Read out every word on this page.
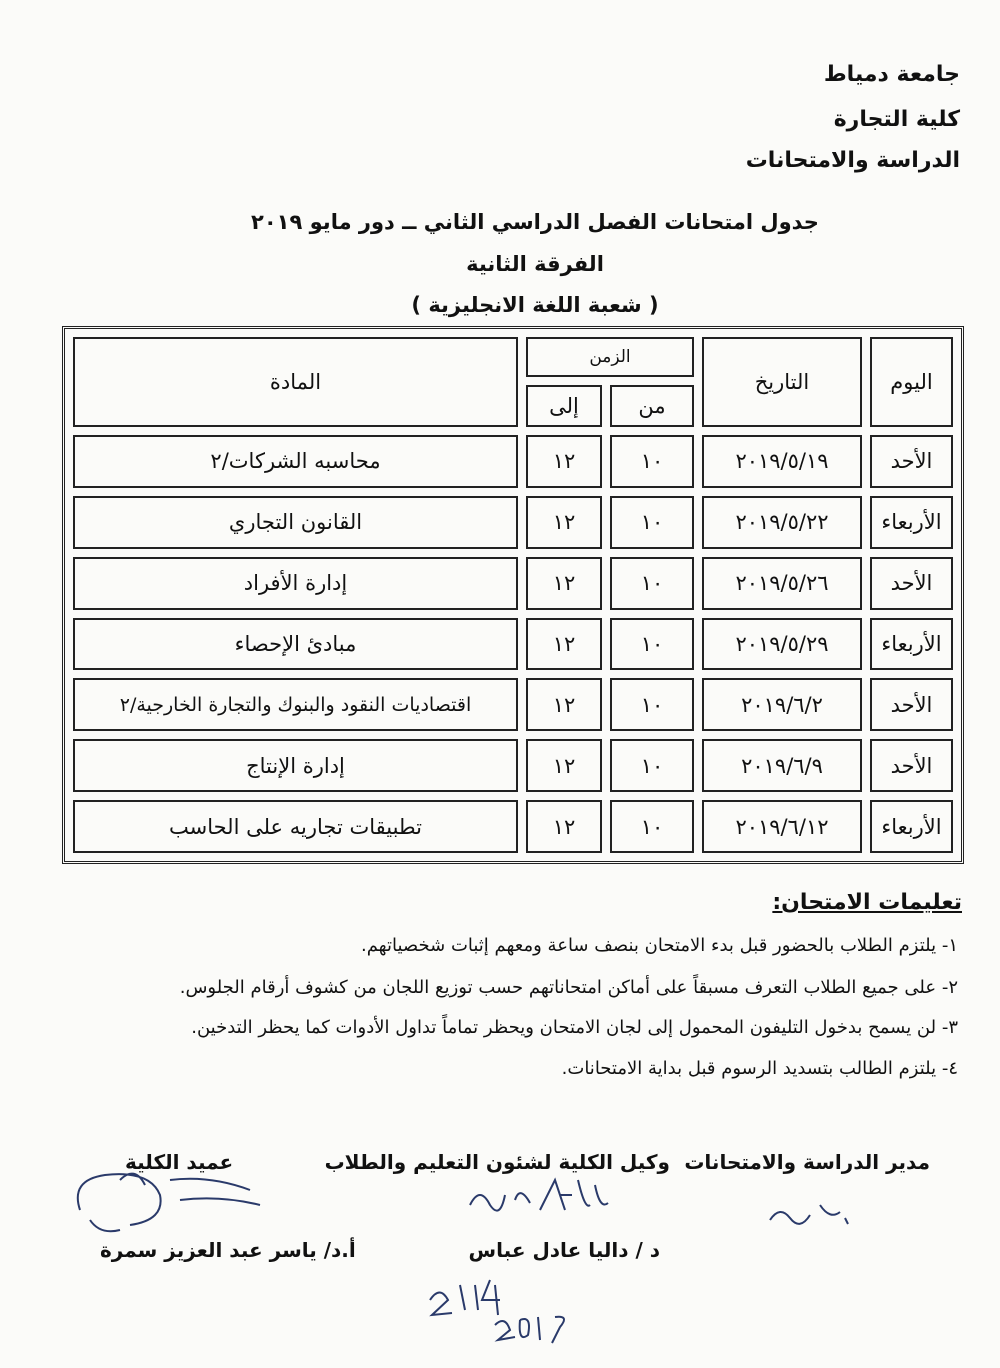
جامعة دمياط
كلية التجارة
الدراسة والامتحانات
جدول امتحانات الفصل الدراسي الثاني ــ دور مايو ٢٠١٩
الفرقة الثانية
( شعبة اللغة الانجليزية )
اليوم	التاريخ	الزمن		المادة
		من	إلى	
الأحد	٢٠١٩/٥/١٩	١٠	١٢	محاسبه الشركات/٢
الأربعاء	٢٠١٩/٥/٢٢	١٠	١٢	القانون التجاري
الأحد	٢٠١٩/٥/٢٦	١٠	١٢	إدارة الأفراد
الأربعاء	٢٠١٩/٥/٢٩	١٠	١٢	مبادئ الإحصاء
الأحد	٢٠١٩/٦/٢	١٠	١٢	اقتصاديات النقود والبنوك والتجارة الخارجية/٢
الأحد	٢٠١٩/٦/٩	١٠	١٢	إدارة الإنتاج
الأربعاء	٢٠١٩/٦/١٢	١٠	١٢	تطبيقات تجاريه على الحاسب
تعليمات الامتحان:
١- يلتزم الطلاب بالحضور قبل بدء الامتحان بنصف ساعة ومعهم إثبات شخصياتهم.
٢- على جميع الطلاب التعرف مسبقاً على أماكن امتحاناتهم حسب توزيع اللجان من كشوف أرقام الجلوس.
٣- لن يسمح بدخول التليفون المحمول إلى لجان الامتحان ويحظر تماماً تداول الأدوات كما يحظر التدخين.
٤- يلتزم الطالب بتسديد الرسوم قبل بداية الامتحانات.
مدير الدراسة والامتحانات
وكيل الكلية لشئون التعليم والطلاب
د / داليا عادل عباس
عميد الكلية
أ.د/ ياسر عبد العزيز سمرة
